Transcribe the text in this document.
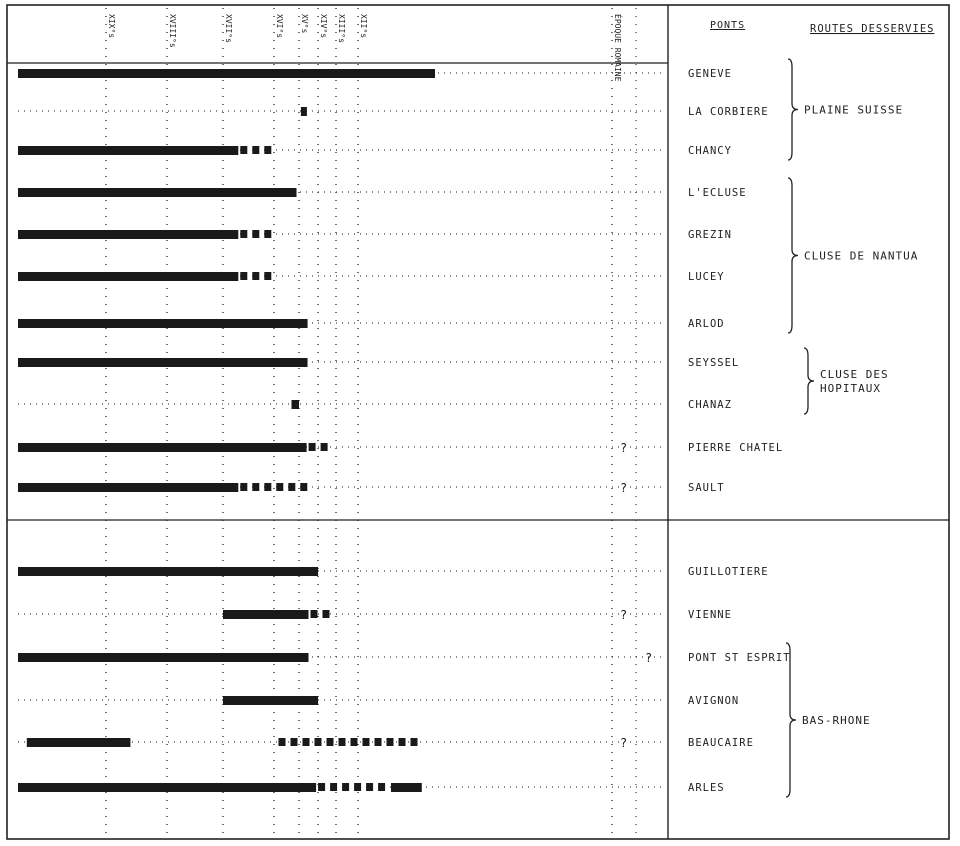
XIX°s	XVIII°s	XVII°s	XVI°s XV°s XIV°s XIII°s XII°s	ÉPOQUE ROMAINE
?
?
?
?
?
GENEVE
LA CORBIERE
CHANCY
L'ECLUSE
GREZIN
LUCEY
ARLOD
SEYSSEL
CHANAZ
PIERRE CHATEL
SAULT
GUILLOTIERE
VIENNE
PONT ST ESPRIT
AVIGNON
BEAUCAIRE
ARLES
PLAINE SUISSE
CLUSE DE NANTUA
CLUSE DES
HOPITAUX
BAS-RHONE
PONTS	ROUTES DESSERVIES
